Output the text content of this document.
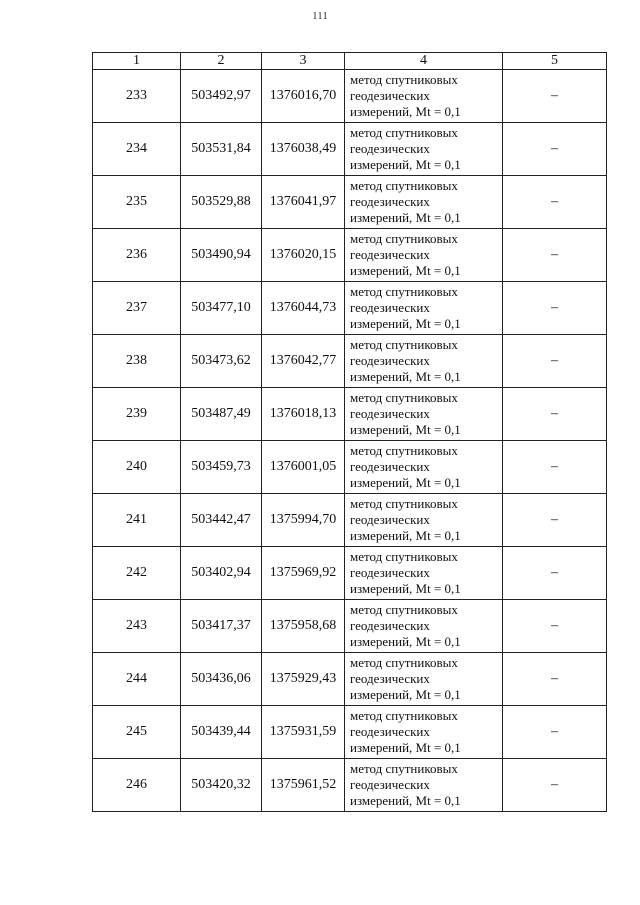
111
1	2	3	4	5
233	503492,97	1376016,70	метод спутниковых
геодезических
измерений, Mt = 0,1	–
234	503531,84	1376038,49	метод спутниковых
геодезических
измерений, Mt = 0,1	–
235	503529,88	1376041,97	метод спутниковых
геодезических
измерений, Mt = 0,1	–
236	503490,94	1376020,15	метод спутниковых
геодезических
измерений, Mt = 0,1	–
237	503477,10	1376044,73	метод спутниковых
геодезических
измерений, Mt = 0,1	–
238	503473,62	1376042,77	метод спутниковых
геодезических
измерений, Mt = 0,1	–
239	503487,49	1376018,13	метод спутниковых
геодезических
измерений, Mt = 0,1	–
240	503459,73	1376001,05	метод спутниковых
геодезических
измерений, Mt = 0,1	–
241	503442,47	1375994,70	метод спутниковых
геодезических
измерений, Mt = 0,1	–
242	503402,94	1375969,92	метод спутниковых
геодезических
измерений, Mt = 0,1	–
243	503417,37	1375958,68	метод спутниковых
геодезических
измерений, Mt = 0,1	–
244	503436,06	1375929,43	метод спутниковых
геодезических
измерений, Mt = 0,1	–
245	503439,44	1375931,59	метод спутниковых
геодезических
измерений, Mt = 0,1	–
246	503420,32	1375961,52	метод спутниковых
геодезических
измерений, Mt = 0,1	–
